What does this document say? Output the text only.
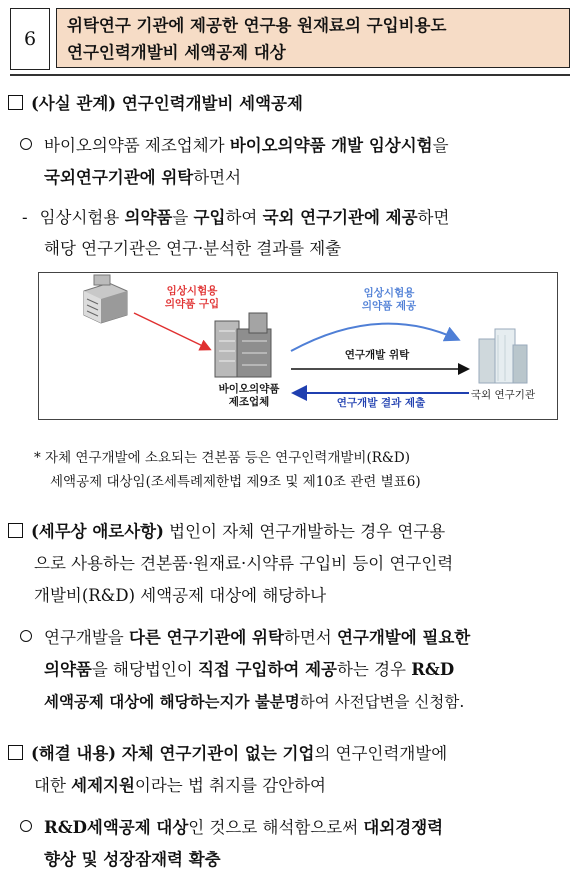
6
위탁연구 기관에 제공한 연구용 원재료의 구입비용도
연구인력개발비 세액공제 대상
(사실 관계) 연구인력개발비 세액공제
바이오의약품 제조업체가 바이오의약품 개발 임상시험을
국외연구기관에 위탁하면서
- 임상시험용 의약품을 구입하여 국외 연구기관에 제공하면
해당 연구기관은 연구·분석한 결과를 제출
임상시험용
의약품 구입
임상시험용
의약품 제공
연구개발 위탁
연구개발 결과 제출
바이오의약품
제조업체
국외 연구기관
* 자체 연구개발에 소요되는 견본품 등은 연구인력개발비(R&D)
세액공제 대상임(조세특례제한법 제9조 및 제10조 관련 별표6)
(세무상 애로사항) 법인이 자체 연구개발하는 경우 연구용
으로 사용하는 견본품·원재료·시약류 구입비 등이 연구인력
개발비(R&D) 세액공제 대상에 해당하나
연구개발을 다른 연구기관에 위탁하면서 연구개발에 필요한
의약품을 해당법인이 직접 구입하여 제공하는 경우 R&D
세액공제 대상에 해당하는지가 불분명하여 사전답변을 신청함.
(해결 내용) 자체 연구기관이 없는 기업의 연구인력개발에
대한 세제지원이라는 법 취지를 감안하여
R&D세액공제 대상인 것으로 해석함으로써 대외경쟁력
향상 및 성장잠재력 확충
